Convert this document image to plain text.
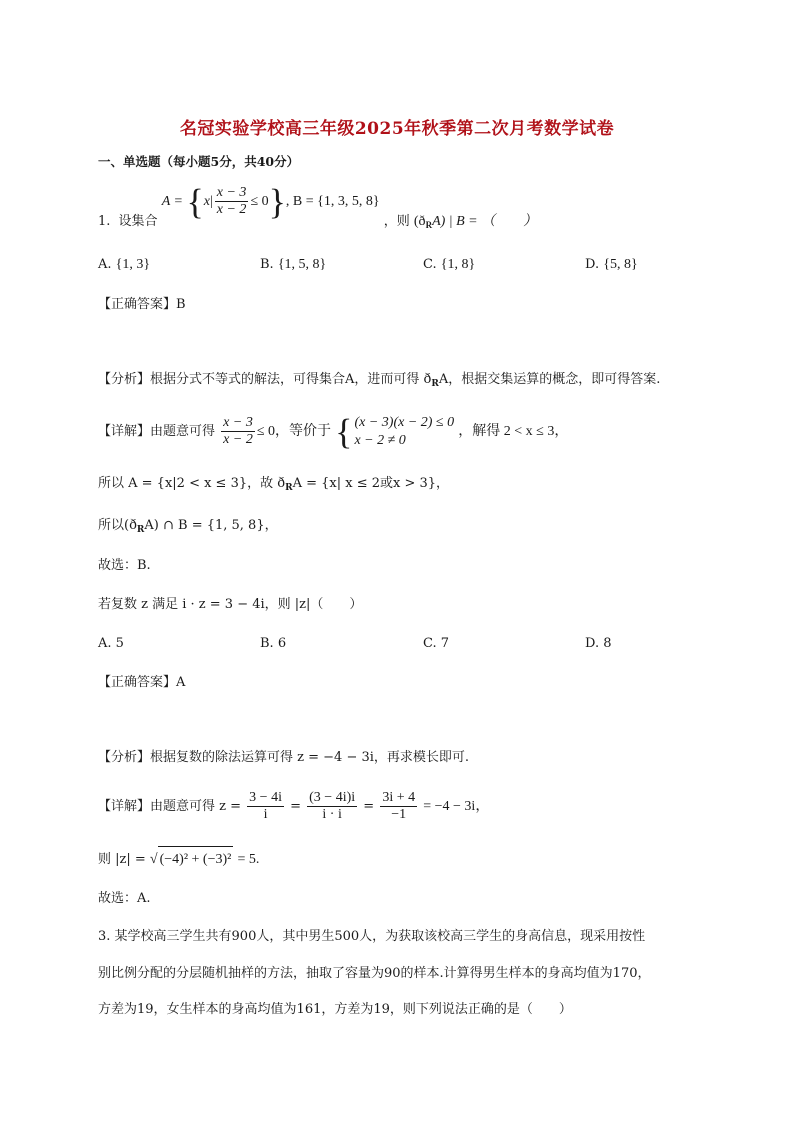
名冠实验学校高三年级2025年秋季第二次月考数学试卷
一、单选题（每小题5分，共40分）
1. 设集合 $A = \{x| \frac{x - 3}{x - 2} \le 0\}$, B = {1, 3, 5, 8} ，则 $(ð_RA)$ | B = （　　）
A. {1, 3}	B. {1, 5, 8}	C. {1, 8}	D. {5, 8}
【正确答案】B
【分析】根据分式不等式的解法，可得集合A，进而可得 $ð_RA$，根据交集运算的概念，即可得答案.
【详解】由题意可得 $\frac{x - 3}{x - 2} \le 0$，等价于 { (x − 3)(x − 2) ≤ 0
x − 2 ≠ 0
，解得 2 < x ≤ 3，
所以 A = {x|2 < x ≤ 3}，故 $ð_RA = \{x|$ x ≤ 2或x > 3}，
所以$(ð_RA)$ ∩ B = {1, 5, 8}，
故选：B.
若复数 z 满足 i · z = 3 − 4i，则 |z|（　　）
A. 5	B. 6	C. 7	D. 8
【正确答案】A
【分析】根据复数的除法运算可得 z = −4 − 3i，再求模长即可.
【详解】由题意可得 $z = \frac{3 - 4i}{i} = \frac{(3 - 4i)i}{i \cdot i} = \frac{3i + 4}{-1} = -4 - 3i$，
则 |z| = √ (−4)² + (−3)² = 5.
故选：A.
3. 某学校高三学生共有900人，其中男生500人，为获取该校高三学生的身高信息，现采用按性
别比例分配的分层随机抽样的方法，抽取了容量为90的样本.计算得男生样本的身高均值为170，
方差为19，女生样本的身高均值为161，方差为19，则下列说法正确的是（　　）
